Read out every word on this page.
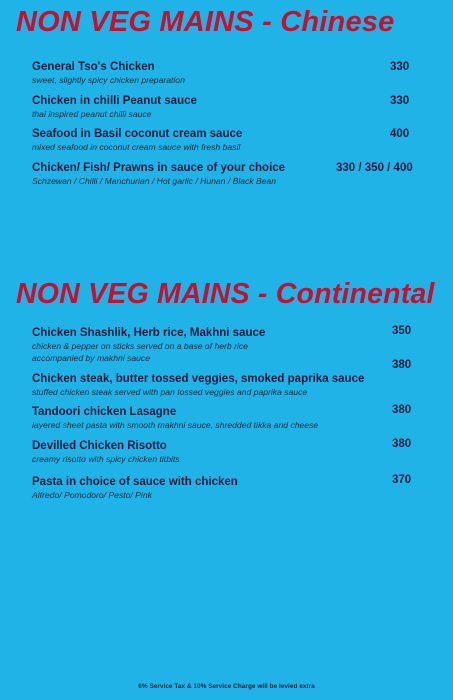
NON VEG MAINS - Chinese
General Tso's Chicken
sweet, slightly spicy chicken preparation
330
Chicken in chilli Peanut sauce
thai inspired peanut chilli sauce
330
Seafood in Basil coconut cream sauce
mixed seafood in coconut cream sauce with fresh basil
400
Chicken/ Fish/ Prawns in sauce of your choice
Schzewan / Chilli / Manchurian / Hot garlic / Hunan / Black Bean
330 / 350 / 400
NON VEG MAINS - Continental
Chicken Shashlik, Herb rice, Makhni sauce
chicken & pepper on sticks served on a base of herb rice
accompanied by makhni sauce
350
Chicken steak, butter tossed veggies, smoked paprika sauce
stuffed chicken steak served with pan tossed veggies and paprika sauce
380
Tandoori chicken Lasagne
layered sheet pasta with smooth makhni sauce, shredded tikka and cheese
380
Devilled Chicken Risotto
creamy risotto with spicy chicken titbits
380
Pasta in choice of sauce with chicken
Alfredo/ Pomodoro/ Pesto/ Pink
370
6% Service Tax & 10% Service Charge will be levied extra
